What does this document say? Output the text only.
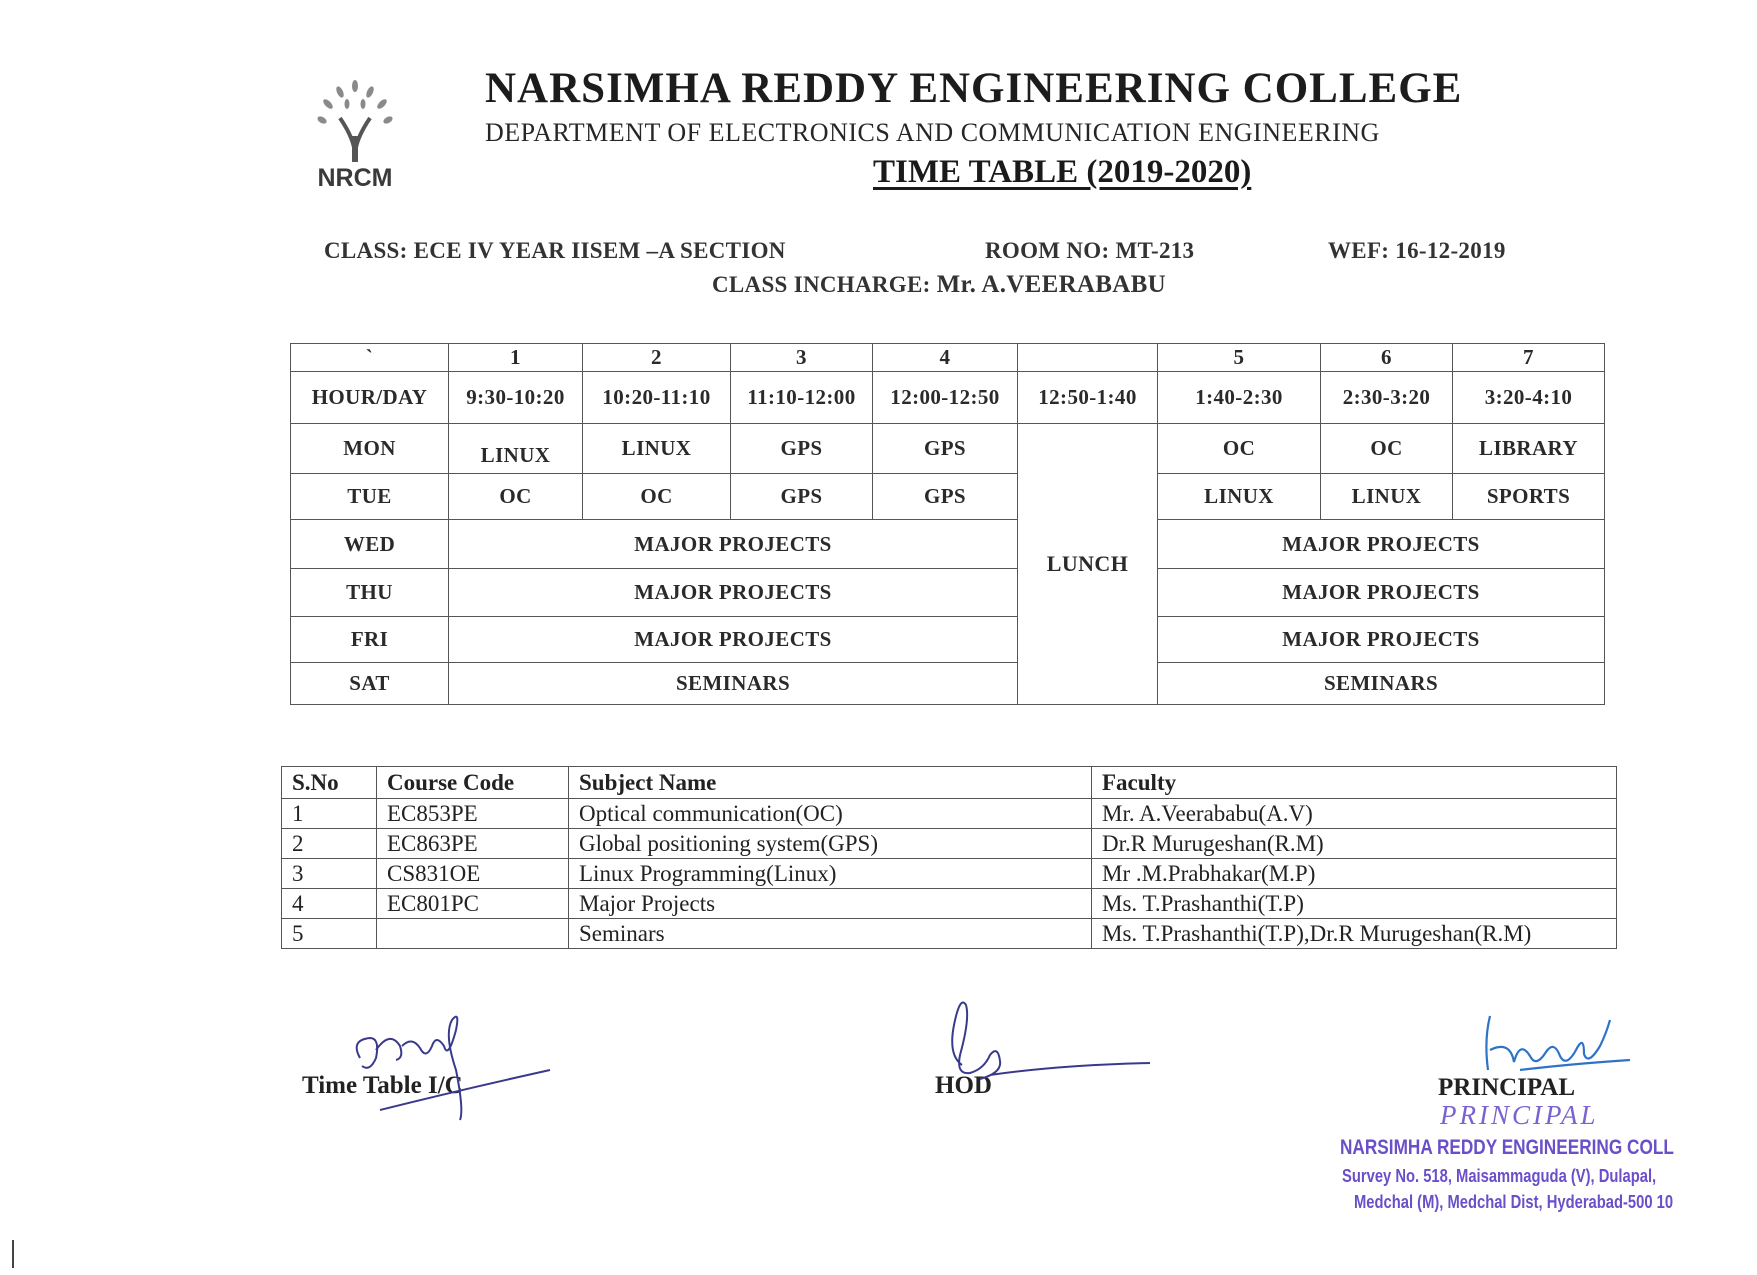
NRCM
NARSIMHA REDDY ENGINEERING COLLEGE
DEPARTMENT OF ELECTRONICS AND COMMUNICATION ENGINEERING
TIME TABLE (2019-2020)
CLASS: ECE IV YEAR IISEM –A SECTION	ROOM NO: MT-213	WEF: 16-12-2019
CLASS INCHARGE: Mr. A.VEERABABU
`	1	2	3	4		5	6	7
HOUR/DAY	9:30-10:20	10:20-11:10	11:10-12:00	12:00-12:50	12:50-1:40	1:40-2:30	2:30-3:20	3:20-4:10
MON	LINUX	LINUX	GPS	GPS	LUNCH	OC	OC	LIBRARY
TUE	OC	OC	GPS	GPS		LINUX	LINUX	SPORTS
WED	MAJOR PROJECTS					MAJOR PROJECTS		
THU	MAJOR PROJECTS					MAJOR PROJECTS		
FRI	MAJOR PROJECTS					MAJOR PROJECTS		
SAT	SEMINARS					SEMINARS		
S.No	Course Code	Subject Name	Faculty
1	EC853PE	Optical communication(OC)	Mr. A.Veerababu(A.V)
2	EC863PE	Global positioning system(GPS)	Dr.R Murugeshan(R.M)
3	CS831OE	Linux Programming(Linux)	Mr .M.Prabhakar(M.P)
4	EC801PC	Major Projects	Ms. T.Prashanthi(T.P)
5		Seminars	Ms. T.Prashanthi(T.P),Dr.R Murugeshan(R.M)
Time Table I/C	HOD	PRINCIPAL
PRINCIPAL
NARSIMHA REDDY ENGINEERING COLL
Survey No. 518, Maisammaguda (V), Dulapal,
Medchal (M), Medchal Dist, Hyderabad-500 10
